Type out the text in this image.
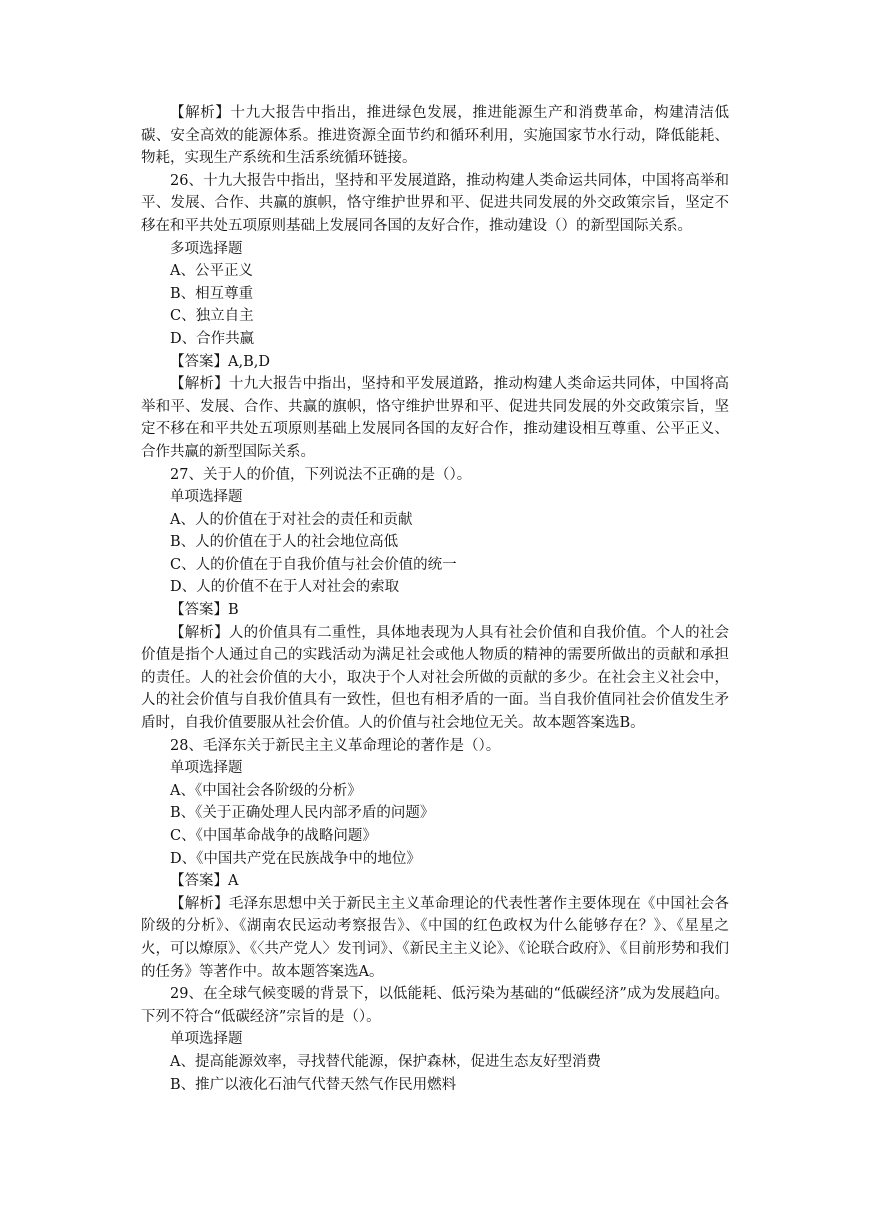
【解析】十九大报告中指出，推进绿色发展，推进能源生产和消费革命，构建清洁低碳、安全高效的能源体系。推进资源全面节约和循环利用，实施国家节水行动，降低能耗、物耗，实现生产系统和生活系统循环链接。

26、十九大报告中指出，坚持和平发展道路，推动构建人类命运共同体，中国将高举和平、发展、合作、共赢的旗帜，恪守维护世界和平、促进共同发展的外交政策宗旨，坚定不移在和平共处五项原则基础上发展同各国的友好合作，推动建设（）的新型国际关系。

多项选择题

A、公平正义

B、相互尊重

C、独立自主

D、合作共赢

【答案】A,B,D

【解析】十九大报告中指出，坚持和平发展道路，推动构建人类命运共同体，中国将高举和平、发展、合作、共赢的旗帜，恪守维护世界和平、促进共同发展的外交政策宗旨，坚定不移在和平共处五项原则基础上发展同各国的友好合作，推动建设相互尊重、公平正义、合作共赢的新型国际关系。

27、关于人的价值，下列说法不正确的是（）。

单项选择题

A、人的价值在于对社会的责任和贡献

B、人的价值在于人的社会地位高低

C、人的价值在于自我价值与社会价值的统一

D、人的价值不在于人对社会的索取

【答案】B

【解析】人的价值具有二重性，具体地表现为人具有社会价值和自我价值。个人的社会价值是指个人通过自己的实践活动为满足社会或他人物质的精神的需要所做出的贡献和承担的责任。人的社会价值的大小，取决于个人对社会所做的贡献的多少。在社会主义社会中，人的社会价值与自我价值具有一致性，但也有相矛盾的一面。当自我价值同社会价值发生矛盾时，自我价值要服从社会价值。人的价值与社会地位无关。故本题答案选B。

28、毛泽东关于新民主主义革命理论的著作是（）。

单项选择题

A、《中国社会各阶级的分析》

B、《关于正确处理人民内部矛盾的问题》

C、《中国革命战争的战略问题》

D、《中国共产党在民族战争中的地位》

【答案】A

【解析】毛泽东思想中关于新民主主义革命理论的代表性著作主要体现在《中国社会各阶级的分析》、《湖南农民运动考察报告》、《中国的红色政权为什么能够存在？》、《星星之火，可以燎原》、《〈共产党人〉发刊词》、《新民主主义论》、《论联合政府》、《目前形势和我们的任务》等著作中。故本题答案选A。

29、在全球气候变暖的背景下，以低能耗、低污染为基础的“低碳经济”成为发展趋向。下列不符合“低碳经济”宗旨的是（）。

单项选择题

A、提高能源效率，寻找替代能源，保护森林，促进生态友好型消费

B、推广以液化石油气代替天然气作民用燃料
